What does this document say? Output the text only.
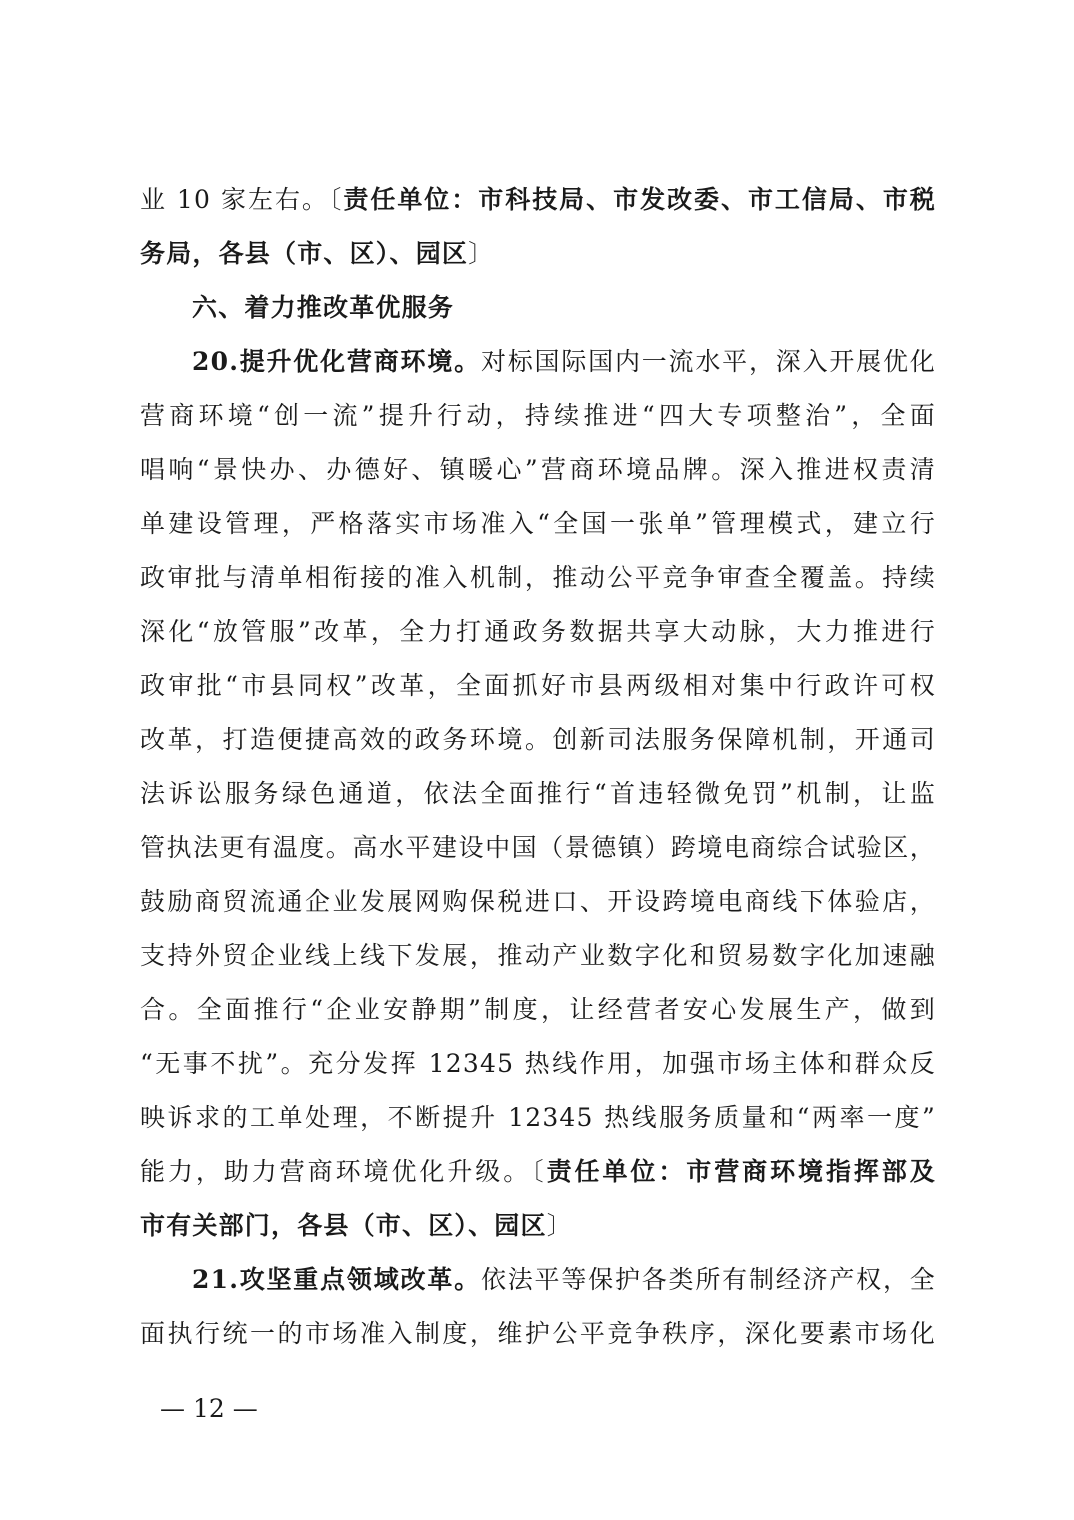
业 10 家左右。〔责任单位：市科技局、市发改委、市工信局、市税
务局，各县（市、区）、园区〕
六、着力推改革优服务
20.提升优化营商环境。对标国际国内一流水平，深入开展优化
营商环境“创一流”提升行动，持续推进“四大专项整治”，全面
唱响“景快办、办德好、镇暖心”营商环境品牌。深入推进权责清
单建设管理，严格落实市场准入“全国一张单”管理模式，建立行
政审批与清单相衔接的准入机制，推动公平竞争审查全覆盖。持续
深化“放管服”改革，全力打通政务数据共享大动脉，大力推进行
政审批“市县同权”改革，全面抓好市县两级相对集中行政许可权
改革，打造便捷高效的政务环境。创新司法服务保障机制，开通司
法诉讼服务绿色通道，依法全面推行“首违轻微免罚”机制，让监
管执法更有温度。高水平建设中国（景德镇）跨境电商综合试验区，
鼓励商贸流通企业发展网购保税进口、开设跨境电商线下体验店，
支持外贸企业线上线下发展，推动产业数字化和贸易数字化加速融
合。全面推行“企业安静期”制度，让经营者安心发展生产，做到
“无事不扰”。充分发挥 12345 热线作用，加强市场主体和群众反
映诉求的工单处理，不断提升 12345 热线服务质量和“两率一度”
能力，助力营商环境优化升级。〔责任单位：市营商环境指挥部及
市有关部门，各县（市、区）、园区〕
21.攻坚重点领域改革。依法平等保护各类所有制经济产权，全
面执行统一的市场准入制度，维护公平竞争秩序，深化要素市场化
— 12 —
